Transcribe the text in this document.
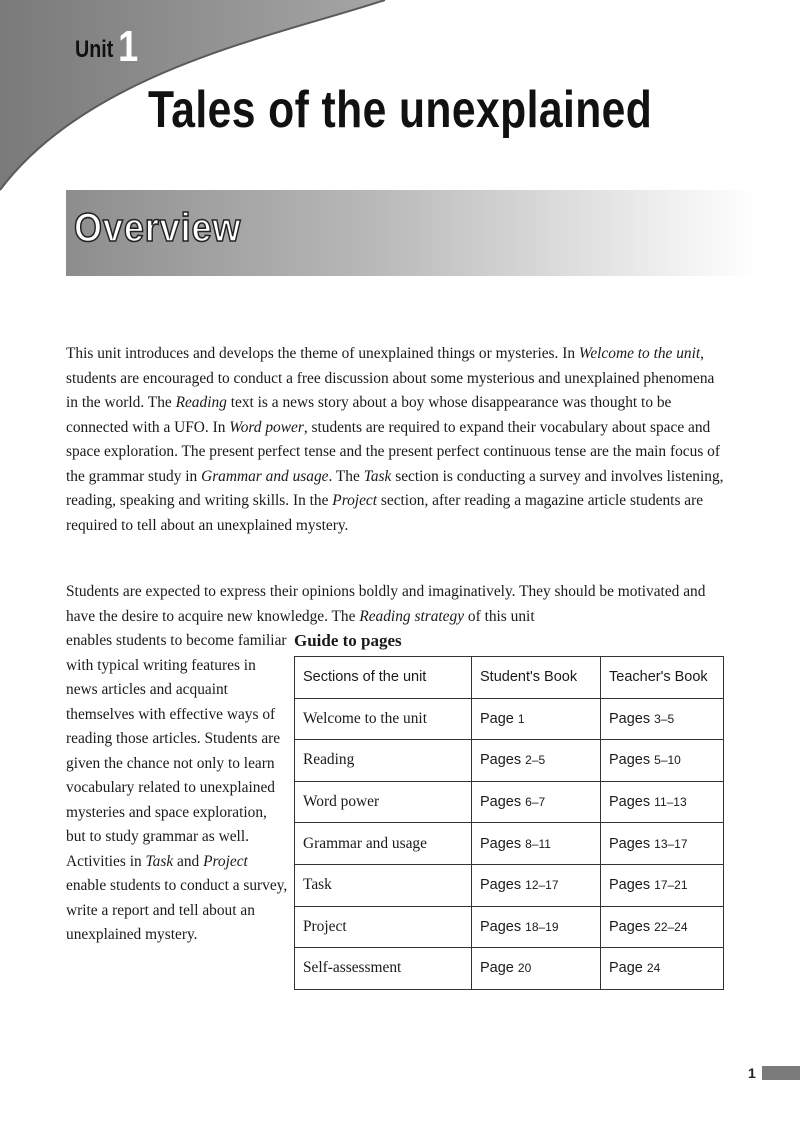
Unit 1
Tales of the unexplained
Overview

This unit introduces and develops the theme of unexplained things or mysteries. In Welcome to the unit, students are encouraged to conduct a free discussion about some mysterious and unexplained phenomena in the world. The Reading text is a news story about a boy whose disappearance was thought to be connected with a UFO. In Word power, students are required to expand their vocabulary about space and space exploration. The present perfect tense and the present perfect continuous tense are the main focus of the grammar study in Grammar and usage. The Task section is conducting a survey and involves listening, reading, speaking and writing skills. In the Project section, after reading a magazine article students are required to tell about an unexplained mystery.

Students are expected to express their opinions boldly and imaginatively. They should be motivated and have the desire to acquire new knowledge. The Reading strategy of this unit

enables students to become familiar with typical writing features in news articles and acquaint themselves with effective ways of reading those articles. Students are given the chance not only to learn vocabulary related to unexplained mysteries and space exploration, but to study grammar as well. Activities in Task and Project enable students to conduct a survey, write a report and tell about an unexplained mystery.

Guide to pages
Sections of the unit	Student's Book	Teacher's Book
Welcome to the unit	Page 1	Pages 3–5
Reading	Pages 2–5	Pages 5–10
Word power	Pages 6–7	Pages 11–13
Grammar and usage	Pages 8–11	Pages 13–17
Task	Pages 12–17	Pages 17–21
Project	Pages 18–19	Pages 22–24
Self-assessment	Page 20	Page 24
1
